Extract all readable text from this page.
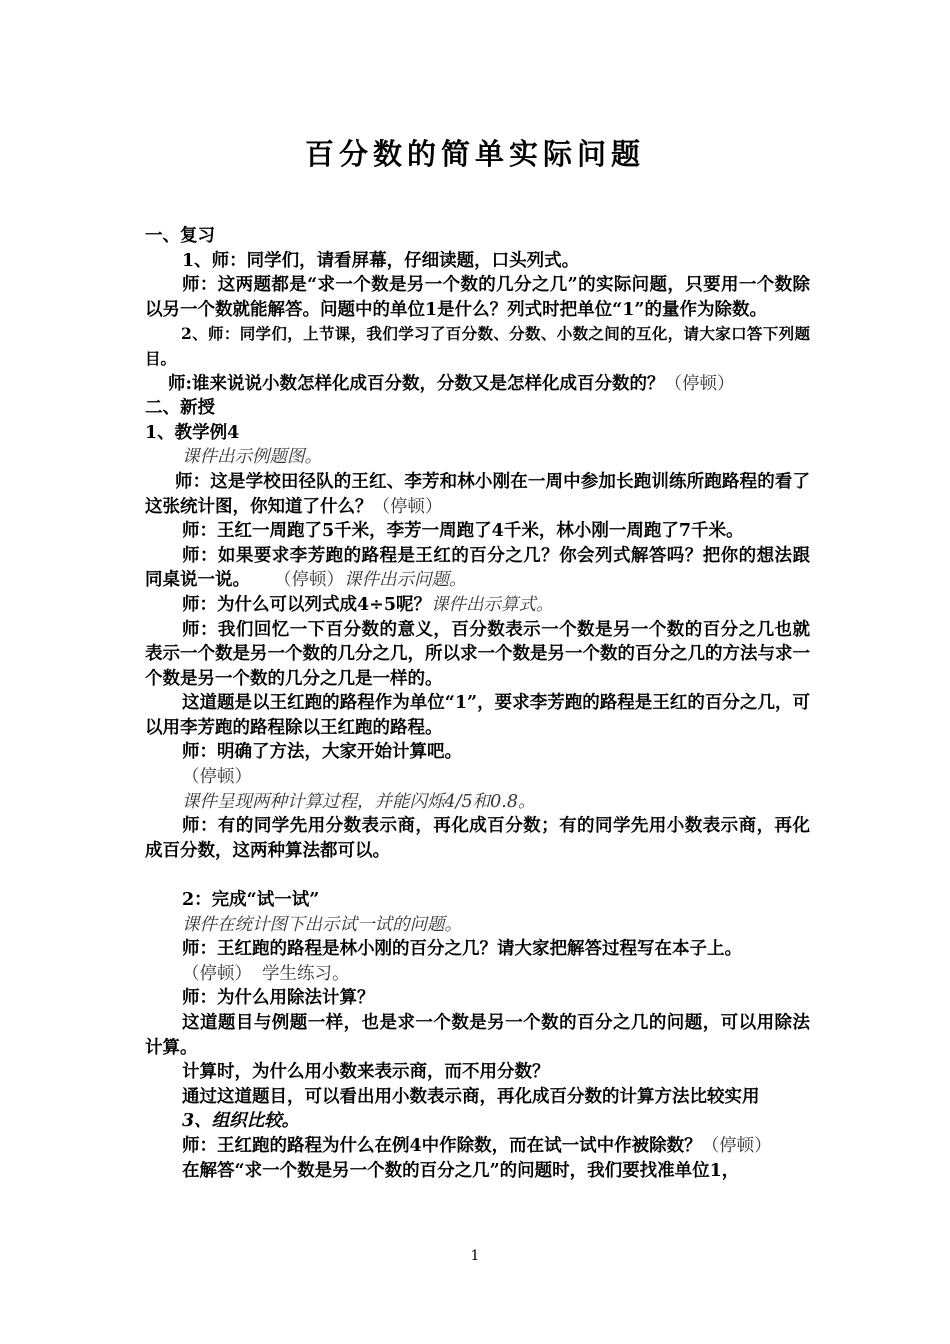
百分数的简单实际问题
一、复习
1、师：同学们，请看屏幕，仔细读题，口头列式。
师：这两题都是“求一个数是另一个数的几分之几”的实际问题，只要用一个数除以另一个数就能解答。问题中的单位1是什么？列式时把单位“1”的量作为除数。
2、师：同学们，上节课，我们学习了百分数、分数、小数之间的互化，请大家口答下列题目。
师:谁来说说小数怎样化成百分数，分数又是怎样化成百分数的？（停顿）
二、新授
1、教学例4
课件出示例题图。
师：这是学校田径队的王红、李芳和林小刚在一周中参加长跑训练所跑路程的看了这张统计图，你知道了什么？（停顿）
师：王红一周跑了5千米，李芳一周跑了4千米，林小刚一周跑了7千米。
师：如果要求李芳跑的路程是王红的百分之几？你会列式解答吗？把你的想法跟同桌说一说。 （停顿）课件出示问题。
师：为什么可以列式成4÷5呢？课件出示算式。
师：我们回忆一下百分数的意义，百分数表示一个数是另一个数的百分之几也就表示一个数是另一个数的几分之几，所以求一个数是另一个数的百分之几的方法与求一个数是另一个数的几分之几是一样的。
这道题是以王红跑的路程作为单位“1”，要求李芳跑的路程是王红的百分之几，可以用李芳跑的路程除以王红跑的路程。
师：明确了方法，大家开始计算吧。
（停顿）
课件呈现两种计算过程，并能闪烁4/5和0.8。
师：有的同学先用分数表示商，再化成百分数；有的同学先用小数表示商，再化成百分数，这两种算法都可以。
2：完成“试一试”
课件在统计图下出示试一试的问题。
师：王红跑的路程是林小刚的百分之几？请大家把解答过程写在本子上。
（停顿） 学生练习。
师：为什么用除法计算？
这道题目与例题一样，也是求一个数是另一个数的百分之几的问题，可以用除法计算。
计算时，为什么用小数来表示商，而不用分数？
通过这道题目，可以看出用小数表示商，再化成百分数的计算方法比较实用
3、组织比较。
师：王红跑的路程为什么在例4中作除数，而在试一试中作被除数？（停顿）
在解答“求一个数是另一个数的百分之几”的问题时，我们要找准单位1，
1
